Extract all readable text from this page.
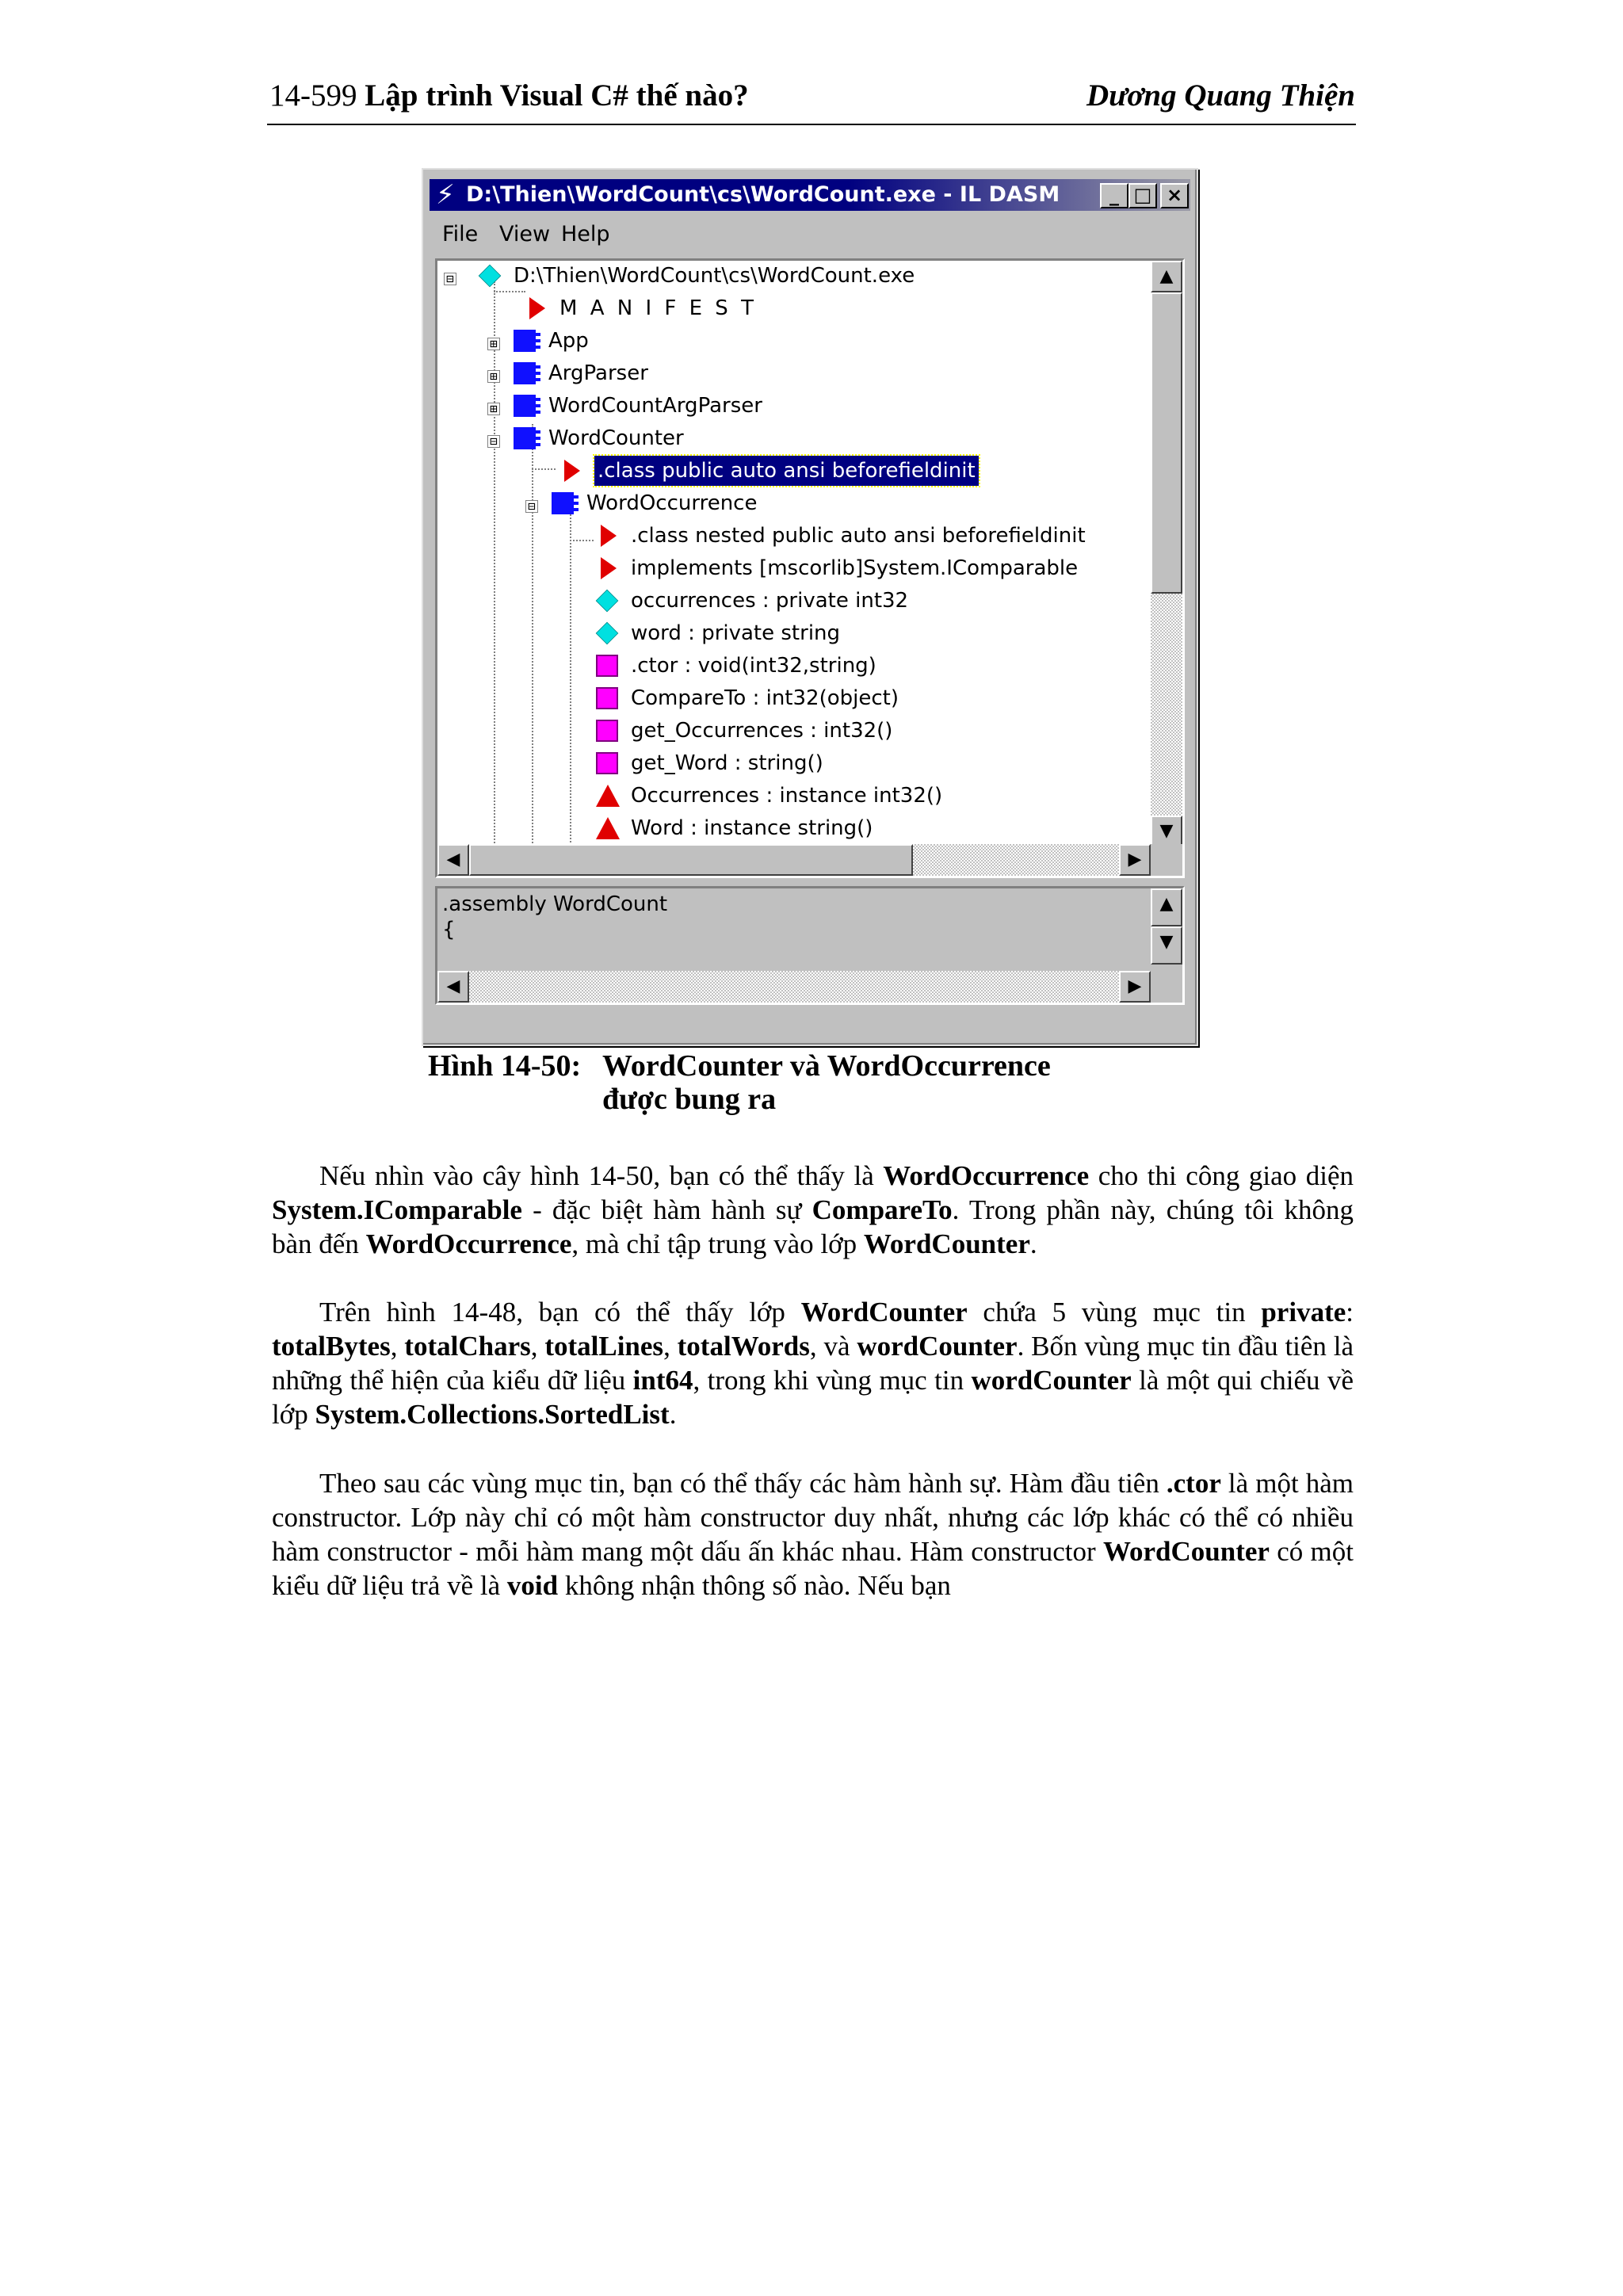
14-599 Lập trình Visual C# thế nào?	Dương Quang Thiện
⚡ D:\Thien\WordCount\cs\WordCount.exe - IL DASM	_ □ ×
File View Help
⊟	D:\Thien\WordCount\cs\WordCount.exe
M A N I F E S T
⊞ App
⊞ ArgParser
⊞ WordCountArgParser
⊟ WordCounter
.class public auto ansi beforefieldinit
⊟ WordOccurrence
.class nested public auto ansi beforefieldinit
implements [mscorlib]System.IComparable
occurrences : private int32
word : private string
.ctor : void(int32,string)
CompareTo : int32(object)
get_Occurrences : int32()
get_Word : string()
Occurrences : instance int32()
Word : instance string()
▲
▼
◀	▶
.assembly WordCount
{
▲
▼
◀	▶
Hình 14-50: WordCounter và WordOccurrence
được bung ra
Nếu nhìn vào cây hình 14-50, bạn có thể thấy là WordOccurrence cho thi công giao diện System.IComparable - đặc biệt hàm hành sự CompareTo. Trong phần này, chúng tôi không bàn đến WordOccurrence, mà chỉ tập trung vào lớp WordCounter.
Trên hình 14-48, bạn có thể thấy lớp WordCounter chứa 5 vùng mục tin private: totalBytes, totalChars, totalLines, totalWords, và wordCounter. Bốn vùng mục tin đầu tiên là những thể hiện của kiểu dữ liệu int64, trong khi vùng mục tin wordCounter là một qui chiếu về lớp System.Collections.SortedList.
Theo sau các vùng mục tin, bạn có thể thấy các hàm hành sự. Hàm đầu tiên .ctor là một hàm constructor. Lớp này chỉ có một hàm constructor duy nhất, nhưng các lớp khác có thể có nhiều hàm constructor - mỗi hàm mang một dấu ấn khác nhau. Hàm constructor WordCounter có một kiểu dữ liệu trả về là void không nhận thông số nào. Nếu bạn
